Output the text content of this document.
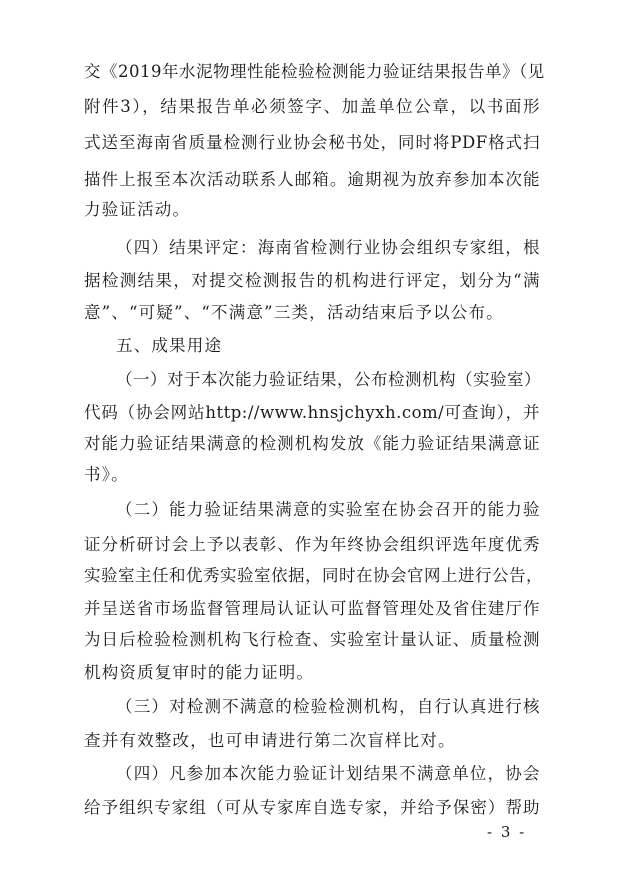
交《2019年水泥物理性能检验检测能力验证结果报告单》（见
附件3），结果报告单必须签字、加盖单位公章，以书面形
式送至海南省质量检测行业协会秘书处，同时将PDF格式扫
描件上报至本次活动联系人邮箱。逾期视为放弃参加本次能
力验证活动。
（四）结果评定：海南省检测行业协会组织专家组，根
据检测结果，对提交检测报告的机构进行评定，划分为“满
意”、“可疑”、“不满意”三类，活动结束后予以公布。
五、成果用途
（一）对于本次能力验证结果，公布检测机构（实验室）
代码（协会网站http://www.hnsjchyxh.com/可查询），并
对能力验证结果满意的检测机构发放《能力验证结果满意证
书》。
（二）能力验证结果满意的实验室在协会召开的能力验
证分析研讨会上予以表彰、作为年终协会组织评选年度优秀
实验室主任和优秀实验室依据，同时在协会官网上进行公告，
并呈送省市场监督管理局认证认可监督管理处及省住建厅作
为日后检验检测机构飞行检查、实验室计量认证、质量检测
机构资质复审时的能力证明。
（三）对检测不满意的检验检测机构，自行认真进行核
查并有效整改，也可申请进行第二次盲样比对。
（四）凡参加本次能力验证计划结果不满意单位，协会
给予组织专家组（可从专家库自选专家，并给予保密）帮助
- 3 -
